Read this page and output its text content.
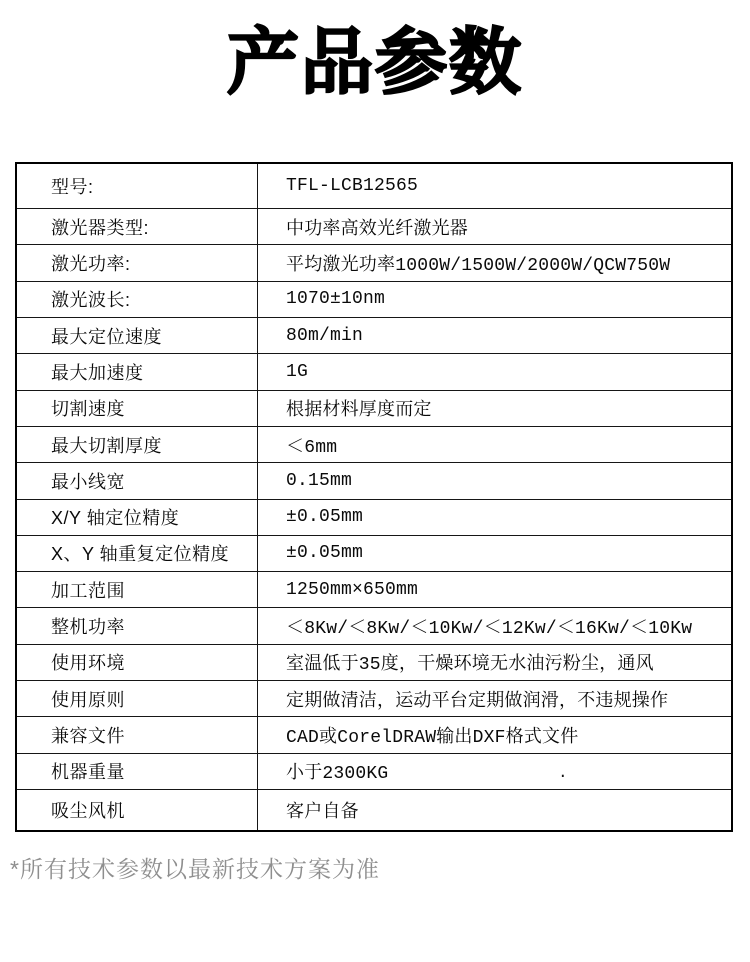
产品参数
型号:	TFL-LCB12565
激光器类型:	中功率高效光纤激光器
激光功率:	平均激光功率1000W/1500W/2000W/QCW750W
激光波长:	1070±10nm
最大定位速度	80m/min
最大加速度	1G
切割速度	根据材料厚度而定
最大切割厚度	＜6mm
最小线宽	0.15mm
X/Y 轴定位精度	±0.05mm
X、Y 轴重复定位精度	±0.05mm
加工范围	1250mm×650mm
整机功率	＜8Kw/＜8Kw/＜10Kw/＜12Kw/＜16Kw/＜10Kw
使用环境	室温低于35度，干燥环境无水油污粉尘，通风
使用原则	定期做清洁，运动平台定期做润滑，不违规操作
兼容文件	CAD或CorelDRAW输出DXF格式文件
机器重量	小于2300KG	.
吸尘风机	客户自备
*所有技术参数以最新技术方案为准
